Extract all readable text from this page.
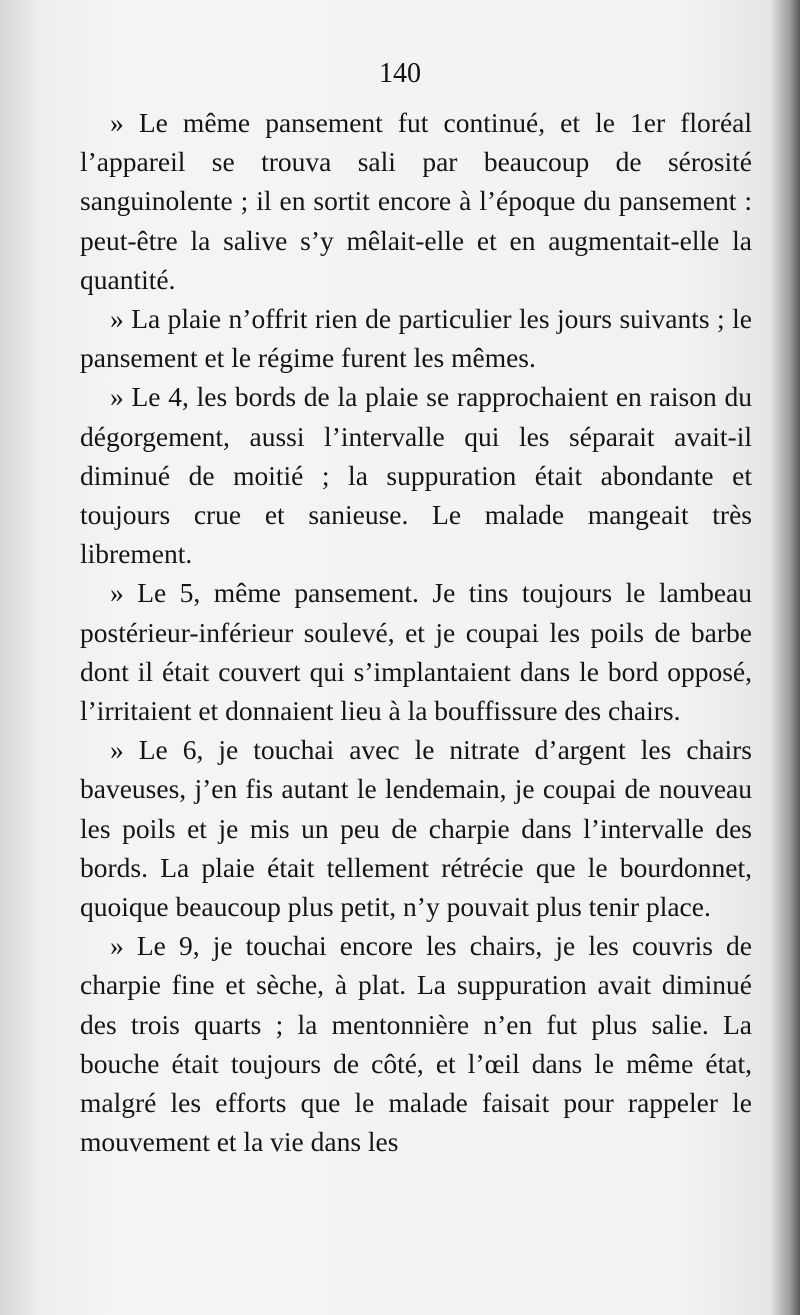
140

» Le même pansement fut continué, et le 1er floréal l’appareil se trouva sali par beaucoup de sérosité sanguinolente ; il en sortit encore à l’époque du pansement : peut-être la salive s’y mêlait-elle et en augmentait-elle la quantité.

» La plaie n’offrit rien de particulier les jours suivants ; le pansement et le régime furent les mêmes.

» Le 4, les bords de la plaie se rapprochaient en raison du dégorgement, aussi l’intervalle qui les séparait avait-il diminué de moitié ; la suppuration était abondante et toujours crue et sanieuse. Le malade mangeait très librement.

» Le 5, même pansement. Je tins toujours le lambeau postérieur-inférieur soulevé, et je coupai les poils de barbe dont il était couvert qui s’implantaient dans le bord opposé, l’irritaient et donnaient lieu à la bouffissure des chairs.

» Le 6, je touchai avec le nitrate d’argent les chairs baveuses, j’en fis autant le lendemain, je coupai de nouveau les poils et je mis un peu de charpie dans l’intervalle des bords. La plaie était tellement rétrécie que le bourdonnet, quoique beaucoup plus petit, n’y pouvait plus tenir place.

» Le 9, je touchai encore les chairs, je les couvris de charpie fine et sèche, à plat. La suppuration avait diminué des trois quarts ; la mentonnière n’en fut plus salie. La bouche était toujours de côté, et l’œil dans le même état, malgré les efforts que le malade faisait pour rappeler le mouvement et la vie dans les
